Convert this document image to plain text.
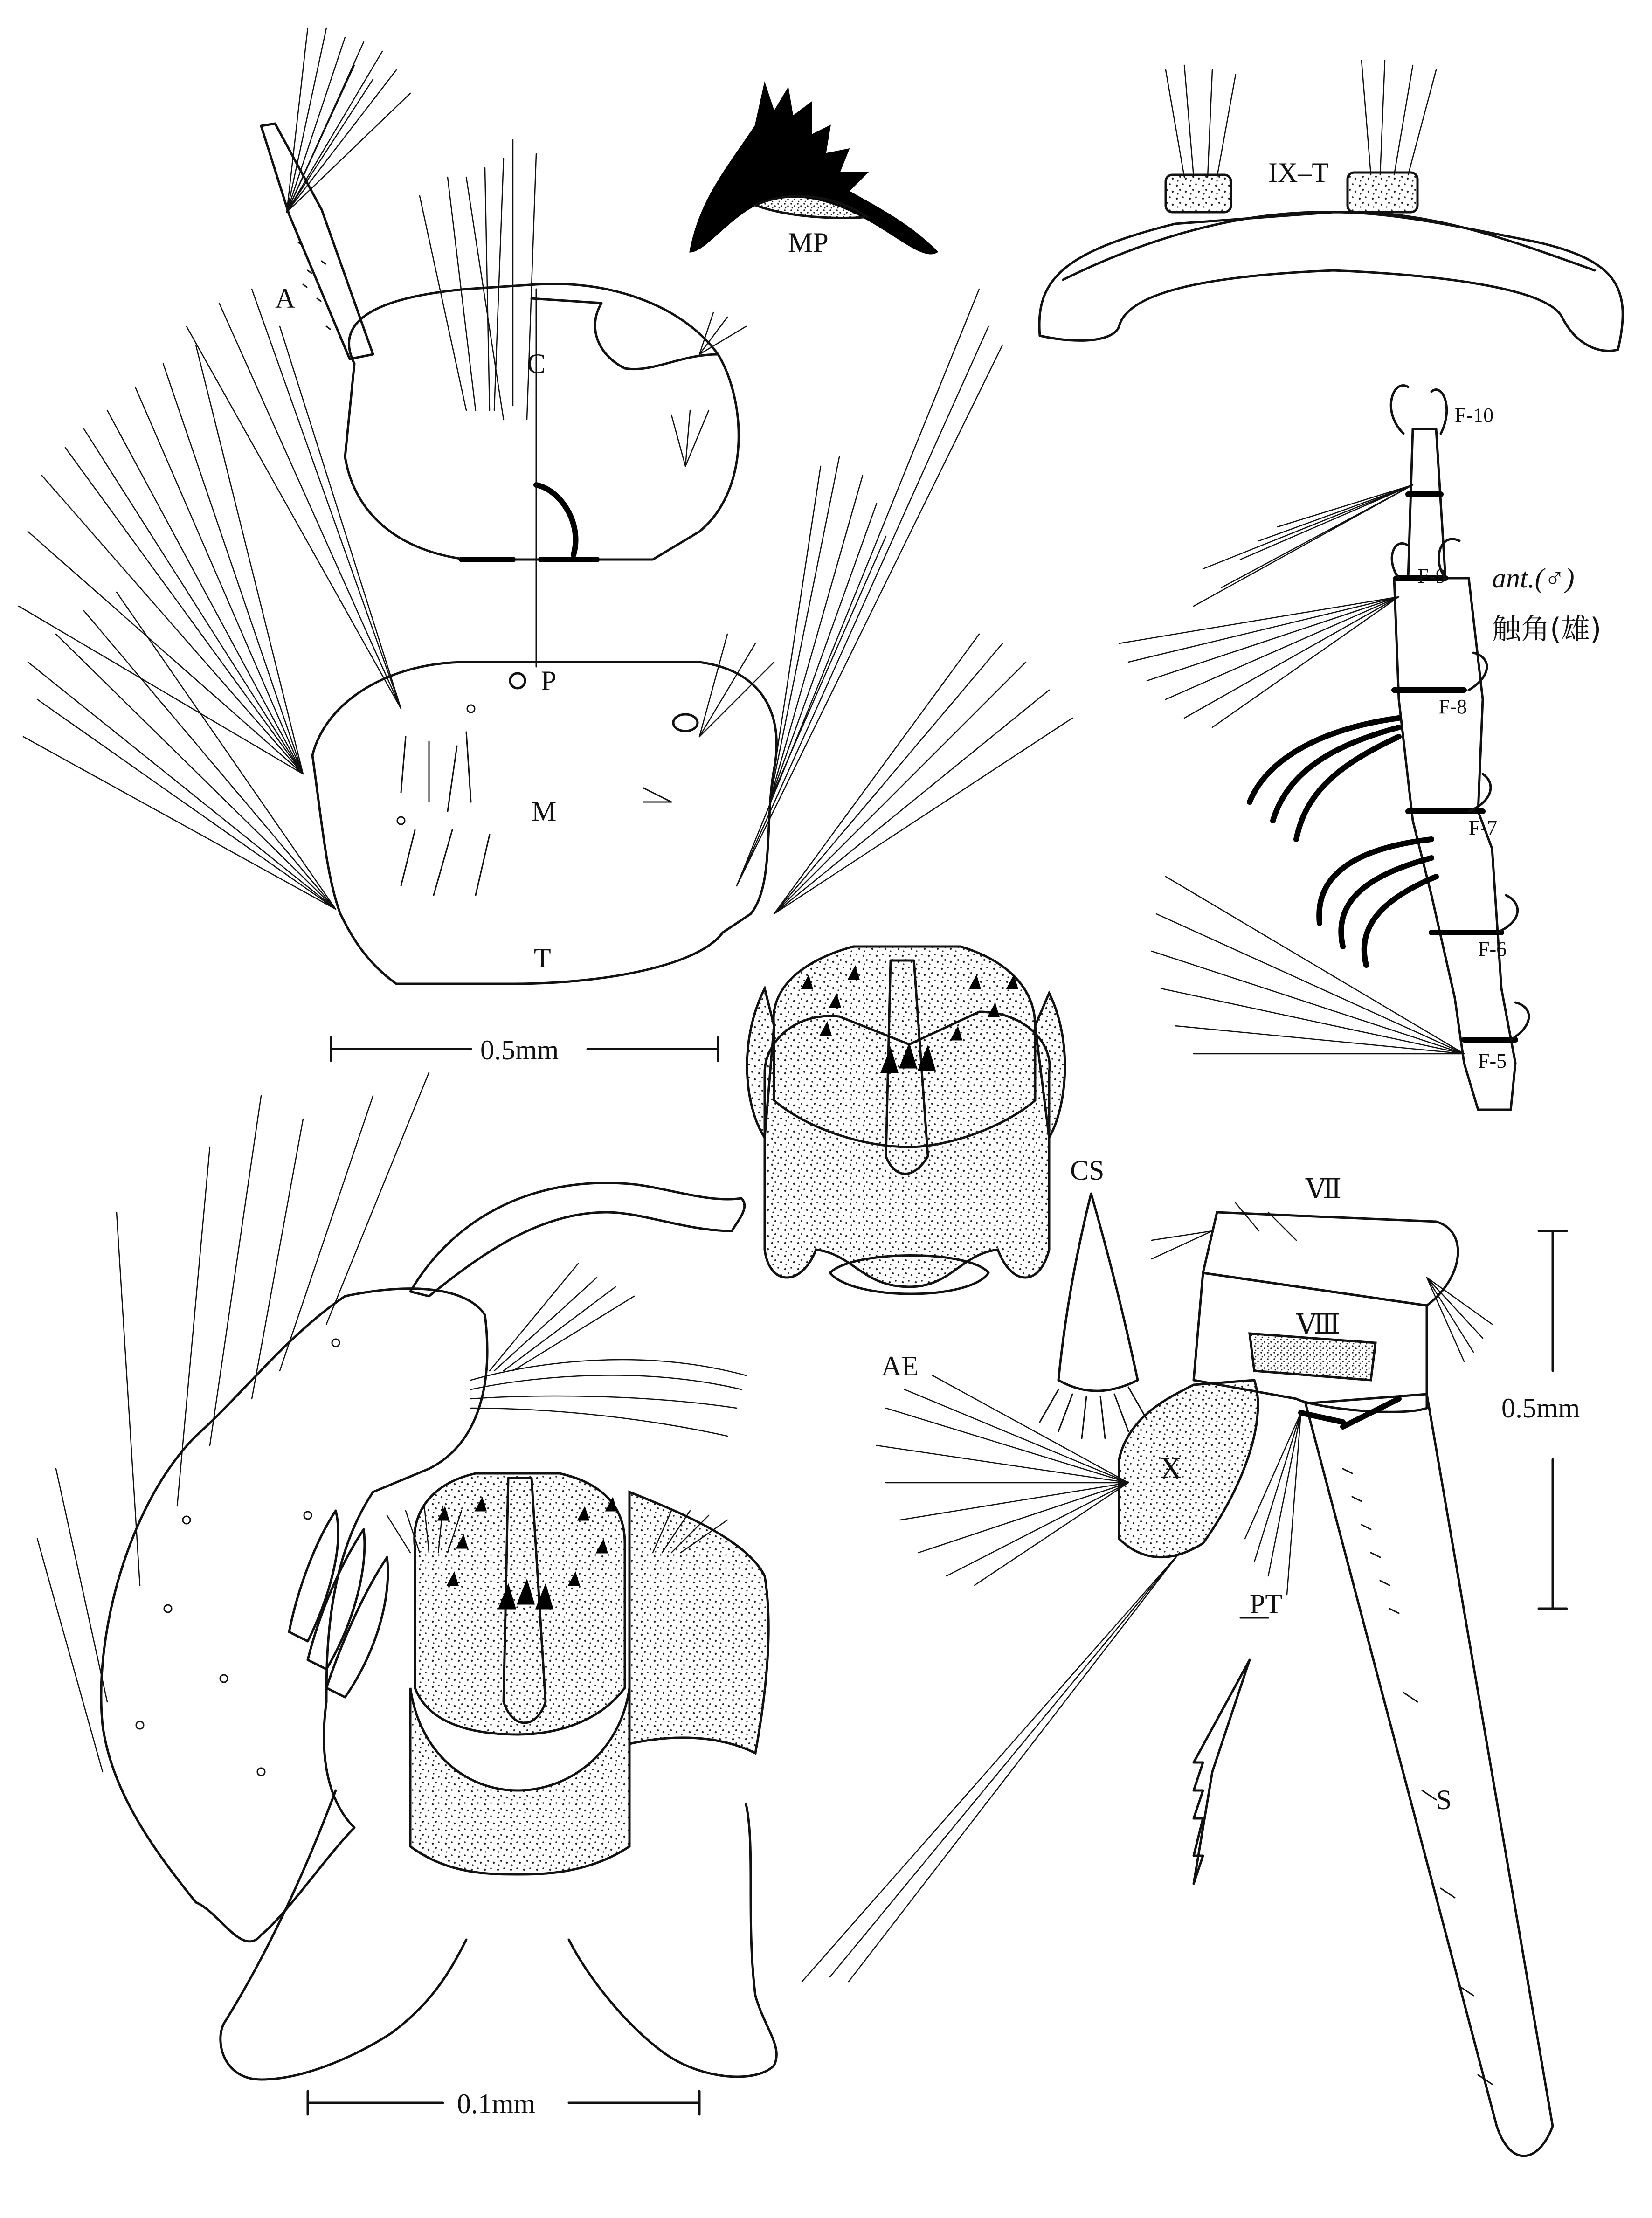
A
C
P
M
T
0.5mm
MP
IX–T
F-10
F-9
F-8
F-7
F-6
F-5
ant.(♂)
触角(雄)
AE
CS
Ⅶ
Ⅷ
Ⅹ
PT
S
0.5mm
0.1mm
